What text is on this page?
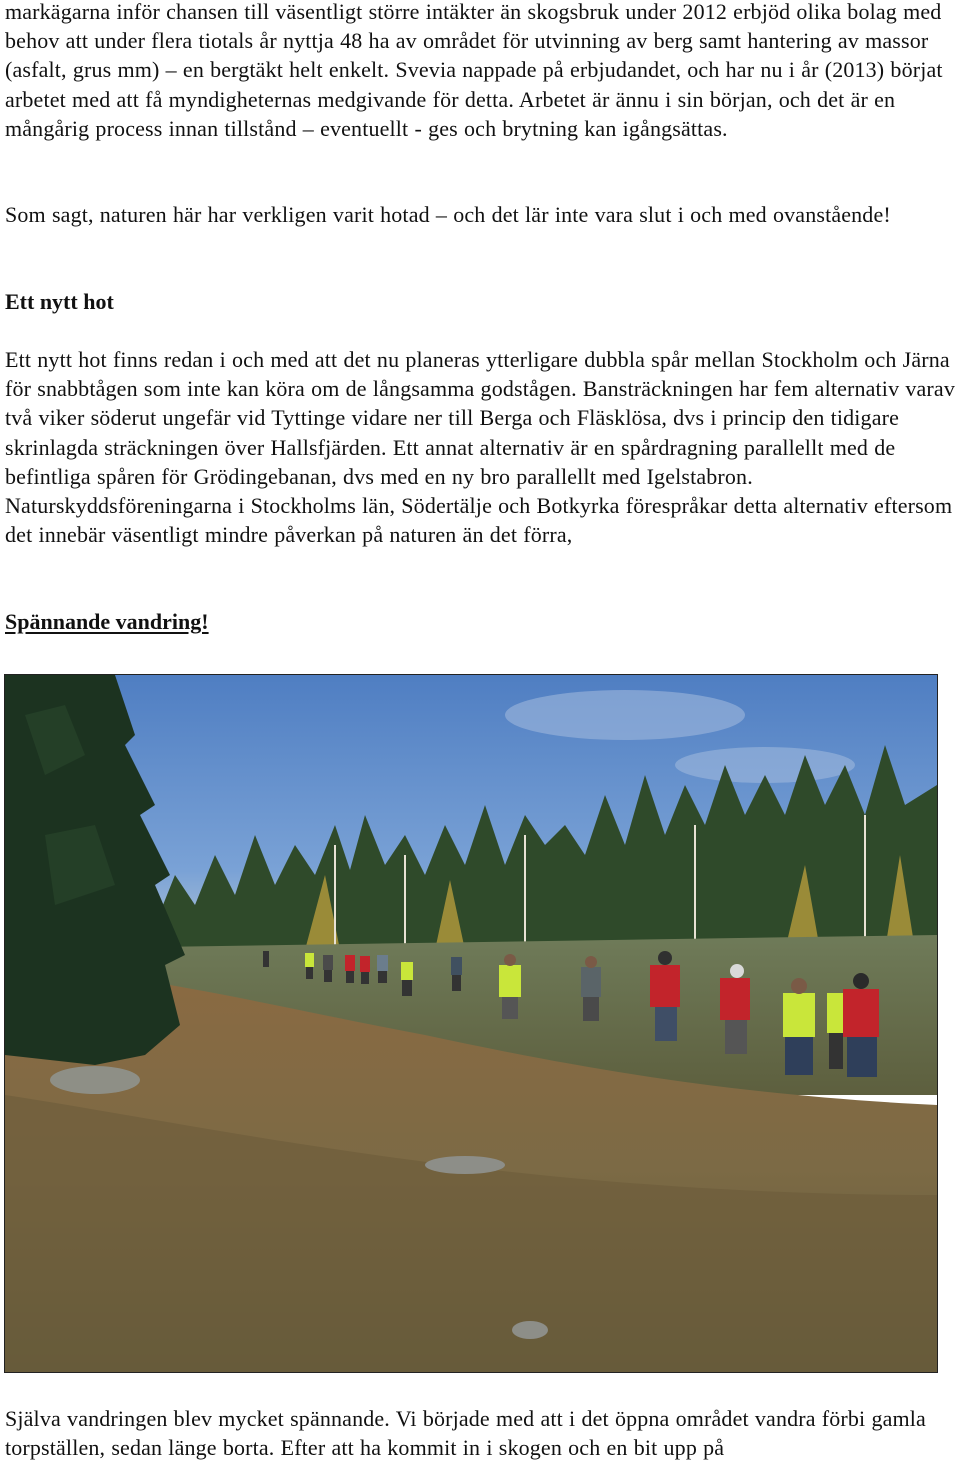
markägarna inför chansen till väsentligt större intäkter än skogsbruk under 2012 erbjöd olika bolag med behov att under flera tiotals år nyttja 48 ha av området för utvinning av berg samt hantering av massor (asfalt, grus mm) – en bergtäkt helt enkelt. Svevia nappade på erbjudandet, och har nu i år (2013) börjat arbetet med att få myndigheternas medgivande för detta. Arbetet är ännu i sin början, och det är en mångårig process innan tillstånd – eventuellt - ges och brytning kan igångsättas.

Som sagt, naturen här har verkligen varit hotad – och det lär inte vara slut i och med ovanstående!

Ett nytt hot

Ett nytt hot finns redan i och med att det nu planeras ytterligare dubbla spår mellan Stockholm och Järna för snabbtågen som inte kan köra om de långsamma godstågen. Bansträckningen har fem alternativ varav två viker söderut ungefär vid Tyttinge vidare ner till Berga och Fläsklösa, dvs i princip den tidigare skrinlagda sträckningen över Hallsfjärden. Ett annat alternativ är en spårdragning parallellt med de befintliga spåren för Grödingebanan, dvs med en ny bro parallellt med Igelstabron. Naturskyddsföreningarna i Stockholms län, Södertälje och Botkyrka förespråkar detta alternativ eftersom det innebär väsentligt mindre påverkan på naturen än det förra,

Spännande vandring!

Själva vandringen blev mycket spännande. Vi började med att i det öppna området vandra förbi gamla torpställen, sedan länge borta. Efter att ha kommit in i skogen och en bit upp på
